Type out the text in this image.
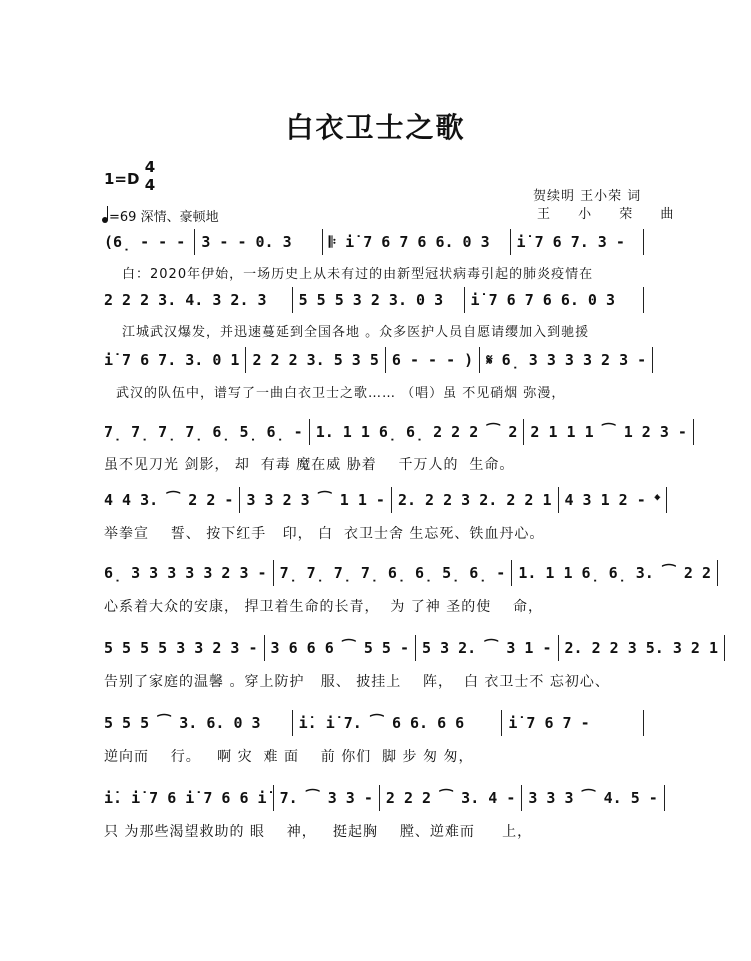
白衣卫士之歌
1=D
4
4
=69 深情、豪顿地
贺续明 王小荣 词
王 小 荣 曲
(6̣ - - -	3 - - 0. 3	𝄆 i̇ 7 6 7 6 6. 0 3	i̇ 7 6 7. 3 -
白：2020年伊始，一场历史上从未有过的由新型冠状病毒引起的肺炎疫情在
2 2 2 3. 4. 3 2. 3	5 5 5 3 2 3. 0 3	i̇ 7 6 7 6 6. 0 3
江城武汉爆发，并迅速蔓延到全国各地 。众多医护人员自愿请缨加入到驰援
i̇ 7 6 7. 3. 0 1 2 2 2 3. 5 3 5 6 - - - ) 𝄋 6̣ 3 3 3 3 2 3 -
武汉的队伍中，谱写了一曲白衣卫士之歌…… （唱）虽 不见硝烟 弥漫，
7̣ 7̣ 7̣ 7̣ 6̣ 5̣ 6̣ - 1. 1 1 6̣ 6̣ 2 2 2 ⁀ 2 2 1 1 1 ⁀ 1 2 3 -
虽不见刀光 剑影， 却  有毒 魔在威 胁着    千万人的  生命。
4 4 3. ⁀ 2 2 - 3 3 2 3 ⁀ 1 1 - 2. 2 2 3 2. 2 2 1 4 3 1 2 - 𝄌
举拳宣    誓、 按下红手   印， 白  衣卫士舍 生忘死、铁血丹心。
6̣ 3 3 3 3 3 2 3 - 7̣ 7̣ 7̣ 7̣ 6̣ 6̣ 5̣ 6̣ - 1. 1 1 6̣ 6̣ 3. ⁀ 2 2
心系着大众的安康， 捍卫着生命的长青，  为 了神 圣的使    命，
5 5 5 5 3 3 2 3 - 3 6 6 6 ⁀ 5 5 - 5 3 2. ⁀ 3 1 - 2. 2 2 3 5. 3 2 1
告别了家庭的温馨 。穿上防护   服、 披挂上    阵，  白 衣卫士不 忘初心、
5 5 5 ⁀ 3. 6. 0 3	i̇. i̇ 7. ⁀ 6 6. 6 6	i̇ 7 6 7 -
逆向而    行。   啊 灾  难 面    前 你们  脚 步 匆 匆，
i̇. i̇ 7 6 i̇ 7 6 6 i̇ 7. ⁀ 3 3 - 2 2 2 ⁀ 3. 4 - 3 3 3 ⁀ 4. 5 -
只 为那些渴望救助的 眼    神，   挺起胸    膛、逆难而     上，
